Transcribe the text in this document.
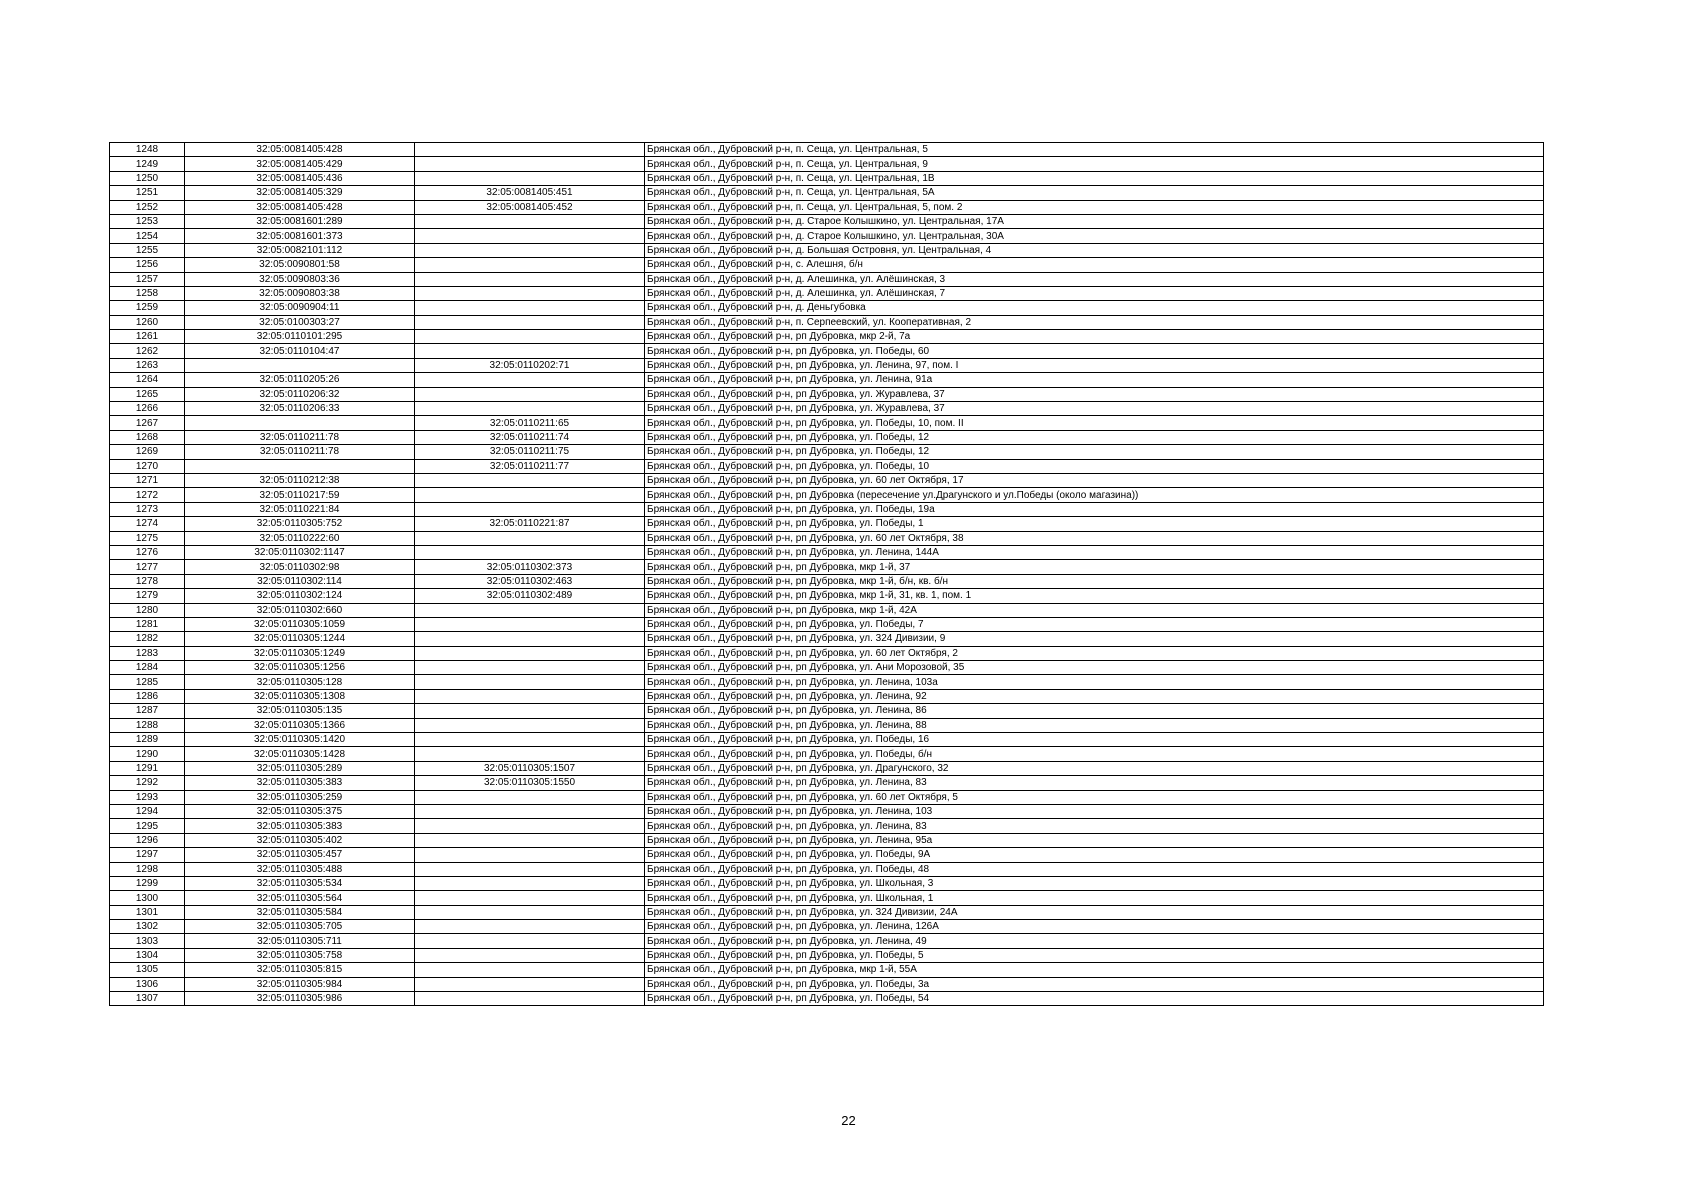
1248	32:05:0081405:428		Брянская обл., Дубровский р-н, п. Сеща, ул. Центральная, 5
1249	32:05:0081405:429		Брянская обл., Дубровский р-н, п. Сеща, ул. Центральная, 9
1250	32:05:0081405:436		Брянская обл., Дубровский р-н, п. Сеща, ул. Центральная, 1В
1251	32:05:0081405:329	32:05:0081405:451	Брянская обл., Дубровский р-н, п. Сеща, ул. Центральная, 5А
1252	32:05:0081405:428	32:05:0081405:452	Брянская обл., Дубровский р-н, п. Сеща, ул. Центральная, 5, пом. 2
1253	32:05:0081601:289		Брянская обл., Дубровский р-н, д. Старое Колышкино, ул. Центральная, 17А
1254	32:05:0081601:373		Брянская обл., Дубровский р-н, д. Старое Колышкино, ул. Центральная, 30А
1255	32:05:0082101:112		Брянская обл., Дубровский р-н, д. Большая Островня, ул. Центральная, 4
1256	32:05:0090801:58		Брянская обл., Дубровский р-н, с. Алешня, б/н
1257	32:05:0090803:36		Брянская обл., Дубровский р-н, д. Алешинка, ул. Алёшинская, 3
1258	32:05:0090803:38		Брянская обл., Дубровский р-н, д. Алешинка, ул. Алёшинская, 7
1259	32:05:0090904:11		Брянская обл., Дубровский р-н, д. Деньгубовка
1260	32:05:0100303:27		Брянская обл., Дубровский р-н, п. Серпеевский, ул. Кооперативная, 2
1261	32:05:0110101:295		Брянская обл., Дубровский р-н, рп Дубровка, мкр 2-й, 7а
1262	32:05:0110104:47		Брянская обл., Дубровский р-н, рп Дубровка, ул. Победы, 60
1263		32:05:0110202:71	Брянская обл., Дубровский р-н, рп Дубровка, ул. Ленина, 97, пом. I
1264	32:05:0110205:26		Брянская обл., Дубровский р-н, рп Дубровка, ул. Ленина, 91а
1265	32:05:0110206:32		Брянская обл., Дубровский р-н, рп Дубровка, ул. Журавлева, 37
1266	32:05:0110206:33		Брянская обл., Дубровский р-н, рп Дубровка, ул. Журавлева, 37
1267		32:05:0110211:65	Брянская обл., Дубровский р-н, рп Дубровка, ул. Победы, 10, пом. II
1268	32:05:0110211:78	32:05:0110211:74	Брянская обл., Дубровский р-н, рп Дубровка, ул. Победы, 12
1269	32:05:0110211:78	32:05:0110211:75	Брянская обл., Дубровский р-н, рп Дубровка, ул. Победы, 12
1270		32:05:0110211:77	Брянская обл., Дубровский р-н, рп Дубровка, ул. Победы, 10
1271	32:05:0110212:38		Брянская обл., Дубровский р-н, рп Дубровка, ул. 60 лет Октября, 17
1272	32:05:0110217:59		Брянская обл., Дубровский р-н, рп Дубровка (пересечение ул.Драгунского и ул.Победы (около магазина))
1273	32:05:0110221:84		Брянская обл., Дубровский р-н, рп Дубровка, ул. Победы, 19а
1274	32:05:0110305:752	32:05:0110221:87	Брянская обл., Дубровский р-н, рп Дубровка, ул. Победы, 1
1275	32:05:0110222:60		Брянская обл., Дубровский р-н, рп Дубровка, ул. 60 лет Октября, 38
1276	32:05:0110302:1147		Брянская обл., Дубровский р-н, рп Дубровка, ул. Ленина, 144А
1277	32:05:0110302:98	32:05:0110302:373	Брянская обл., Дубровский р-н, рп Дубровка, мкр 1-й, 37
1278	32:05:0110302:114	32:05:0110302:463	Брянская обл., Дубровский р-н, рп Дубровка, мкр 1-й, б/н, кв. б/н
1279	32:05:0110302:124	32:05:0110302:489	Брянская обл., Дубровский р-н, рп Дубровка, мкр 1-й, 31, кв. 1, пом. 1
1280	32:05:0110302:660		Брянская обл., Дубровский р-н, рп Дубровка, мкр 1-й, 42А
1281	32:05:0110305:1059		Брянская обл., Дубровский р-н, рп Дубровка, ул. Победы, 7
1282	32:05:0110305:1244		Брянская обл., Дубровский р-н, рп Дубровка, ул. 324 Дивизии, 9
1283	32:05:0110305:1249		Брянская обл., Дубровский р-н, рп Дубровка, ул. 60 лет Октября, 2
1284	32:05:0110305:1256		Брянская обл., Дубровский р-н, рп Дубровка, ул. Ани Морозовой, 35
1285	32:05:0110305:128		Брянская обл., Дубровский р-н, рп Дубровка, ул. Ленина, 103а
1286	32:05:0110305:1308		Брянская обл., Дубровский р-н, рп Дубровка, ул. Ленина, 92
1287	32:05:0110305:135		Брянская обл., Дубровский р-н, рп Дубровка, ул. Ленина, 86
1288	32:05:0110305:1366		Брянская обл., Дубровский р-н, рп Дубровка, ул. Ленина, 88
1289	32:05:0110305:1420		Брянская обл., Дубровский р-н, рп Дубровка, ул. Победы, 16
1290	32:05:0110305:1428		Брянская обл., Дубровский р-н, рп Дубровка, ул. Победы, б/н
1291	32:05:0110305:289	32:05:0110305:1507	Брянская обл., Дубровский р-н, рп Дубровка, ул. Драгунского, 32
1292	32:05:0110305:383	32:05:0110305:1550	Брянская обл., Дубровский р-н, рп Дубровка, ул. Ленина, 83
1293	32:05:0110305:259		Брянская обл., Дубровский р-н, рп Дубровка, ул. 60 лет Октября, 5
1294	32:05:0110305:375		Брянская обл., Дубровский р-н, рп Дубровка, ул. Ленина, 103
1295	32:05:0110305:383		Брянская обл., Дубровский р-н, рп Дубровка, ул. Ленина, 83
1296	32:05:0110305:402		Брянская обл., Дубровский р-н, рп Дубровка, ул. Ленина, 95а
1297	32:05:0110305:457		Брянская обл., Дубровский р-н, рп Дубровка, ул. Победы, 9А
1298	32:05:0110305:488		Брянская обл., Дубровский р-н, рп Дубровка, ул. Победы, 48
1299	32:05:0110305:534		Брянская обл., Дубровский р-н, рп Дубровка, ул. Школьная, 3
1300	32:05:0110305:564		Брянская обл., Дубровский р-н, рп Дубровка, ул. Школьная, 1
1301	32:05:0110305:584		Брянская обл., Дубровский р-н, рп Дубровка, ул. 324 Дивизии, 24А
1302	32:05:0110305:705		Брянская обл., Дубровский р-н, рп Дубровка, ул. Ленина, 126А
1303	32:05:0110305:711		Брянская обл., Дубровский р-н, рп Дубровка, ул. Ленина, 49
1304	32:05:0110305:758		Брянская обл., Дубровский р-н, рп Дубровка, ул. Победы, 5
1305	32:05:0110305:815		Брянская обл., Дубровский р-н, рп Дубровка, мкр 1-й, 55А
1306	32:05:0110305:984		Брянская обл., Дубровский р-н, рп Дубровка, ул. Победы, 3а
1307	32:05:0110305:986		Брянская обл., Дубровский р-н, рп Дубровка, ул. Победы, 54
22
